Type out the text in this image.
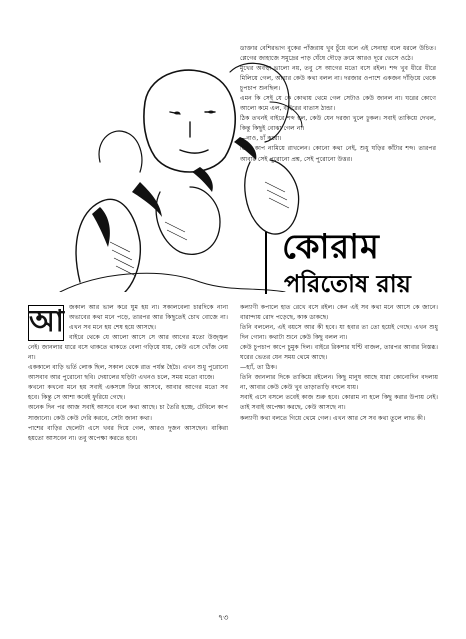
কোরাম
পরিতোষ রায়

ডাক্তার বেশিরভাগ বুকের পাঁজরায় খুব চুঁয়ে বলে এই সেনাহা বলে ধরলে উচিত। প্লেগের জাহাজে সমুদ্রের পাড় ঘেঁষে দৌড়ে ক্রমে আরও দূরে ভেসে ওঠে।

মুখের অবস্থা ভালো নয়, তবু সে আগের মতো বসে রইল। শব্দ খুব ধীরে ধীরে মিলিয়ে গেল, আবার কেউ কথা বলল না। দরজার ওপাশে একজন দাঁড়িয়ে থেকে চুপচাপ শুনছিল।

এমন কি সেই যে কে কোথায় থেমে গেল সেটাও কেউ জানল না। ঘরের কোণে আলো কমে এল, বাইরের বাতাস ঠান্ডা।

ঠিক তখনই বাইরে শব্দ হল, কেউ যেন দরজা খুলে ঢুকল। সবাই তাকিয়ে দেখল, কিন্তু কিছুই বোঝা গেল না।

—নাও, চাঁ করো।

তিনি কাপ নামিয়ে রাখলেন। কোনো কথা নেই, শুধু ঘড়ির কাঁটার শব্দ। তারপর আবার সেই পুরোনো প্রশ্ন, সেই পুরোনো উত্তর।

আ জকাল আর ভাল করে ঘুম হয় না। সকালবেলা চারদিকে নানা অভাবের কথা মনে পড়ে, তারপর আর কিছুতেই চোখ বোজে না। এখন সব মনে হয় শেষ হয়ে আসছে।

বাইরে থেকে যে আলো আসে সে আর আগের মতো উজ্জ্বল নেই। জানলার ধারে বসে থাকতে থাকতে বেলা গড়িয়ে যায়, কেউ এসে খোঁজ নেয় না।

এককালে বাড়ি ভর্তি লোক ছিল, সকাল থেকে রাত পর্যন্ত হৈচৈ। এখন শুধু পুরোনো আসবাব আর পুরোনো ছবি। দেয়ালের ঘড়িটা এখনও চলে, সময় মতো বাজে।

কখনো কখনো মনে হয় সবাই একসঙ্গে ফিরে আসবে, আবার আগের মতো সব হবে। কিন্তু সে আশা কবেই ফুরিয়ে গেছে।

অনেক দিন পর আজ সবাই আসবে বলে কথা আছে। চা তৈরি হচ্ছে, টেবিলে কাপ সাজানো। কেউ কেউ দেরি করবে, সেটা জানা কথা।

পাশের বাড়ির ছেলেটা এসে খবর দিয়ে গেল, আরও দুজন আসছেন। বাকিরা হয়তো আসবেন না। তবু অপেক্ষা করতে হবে।

কল্যাণী কপালে হাত রেখে বসে রইল। কেন এই সব কথা মনে আসে কে জানে। বারান্দায় রোদ পড়েছে, কাক ডাকছে।

তিনি বললেন, এই বয়সে আর কী হবে। যা হবার তা তো হয়েই গেছে। এখন শুধু দিন গোনা। কথাটা শুনে কেউ কিছু বলল না।

কেউ চুপচাপ কাপে চুমুক দিল। বাইরে রিকশার ঘণ্টি বাজল, তারপর আবার নিস্তব্ধ। ঘরের ভেতর যেন সময় থেমে আছে।

—হ্যাঁ, তা ঠিক।

তিনি জানলার দিকে তাকিয়ে রইলেন। কিছু মানুষ আছে যারা কোনোদিন বদলায় না, আবার কেউ কেউ খুব তাড়াতাড়ি বদলে যায়।

সবাই এসে বসলে তবেই কাজ শুরু হবে। কোরাম না হলে কিছু করার উপায় নেই। তাই সবাই অপেক্ষা করছে, কেউ আসছে না।

কল্যাণী কথা বলতে গিয়ে থেমে গেল। এখন আর সে সব কথা তুলে লাভ কী।

৭৩
